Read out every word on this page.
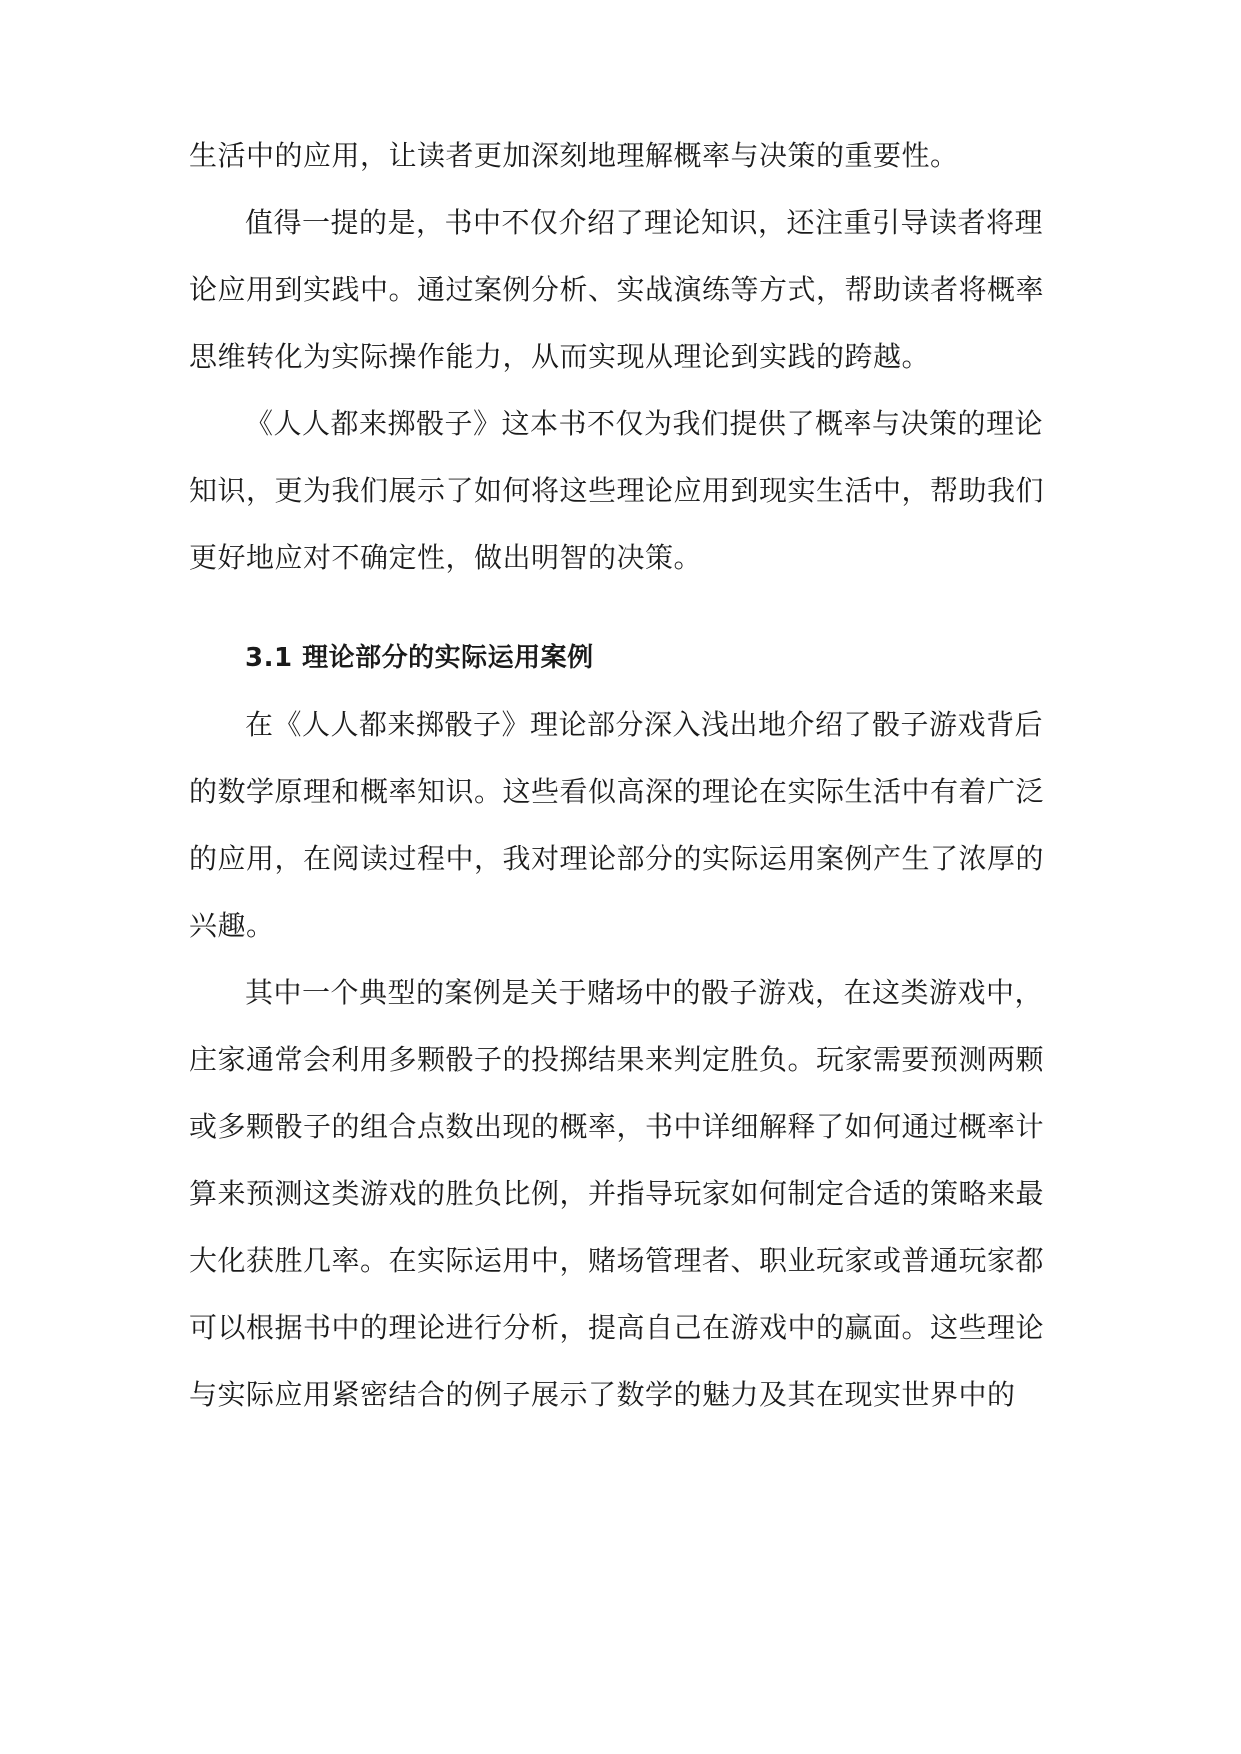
生活中的应用，让读者更加深刻地理解概率与决策的重要性。
值得一提的是，书中不仅介绍了理论知识，还注重引导读者将理
论应用到实践中。通过案例分析、实战演练等方式，帮助读者将概率
思维转化为实际操作能力，从而实现从理论到实践的跨越。
《人人都来掷骰子》这本书不仅为我们提供了概率与决策的理论
知识，更为我们展示了如何将这些理论应用到现实生活中，帮助我们
更好地应对不确定性，做出明智的决策。
3.1 理论部分的实际运用案例
在《人人都来掷骰子》理论部分深入浅出地介绍了骰子游戏背后
的数学原理和概率知识。这些看似高深的理论在实际生活中有着广泛
的应用，在阅读过程中，我对理论部分的实际运用案例产生了浓厚的
兴趣。
其中一个典型的案例是关于赌场中的骰子游戏，在这类游戏中，
庄家通常会利用多颗骰子的投掷结果来判定胜负。玩家需要预测两颗
或多颗骰子的组合点数出现的概率，书中详细解释了如何通过概率计
算来预测这类游戏的胜负比例，并指导玩家如何制定合适的策略来最
大化获胜几率。在实际运用中，赌场管理者、职业玩家或普通玩家都
可以根据书中的理论进行分析，提高自己在游戏中的赢面。这些理论
与实际应用紧密结合的例子展示了数学的魅力及其在现实世界中的
